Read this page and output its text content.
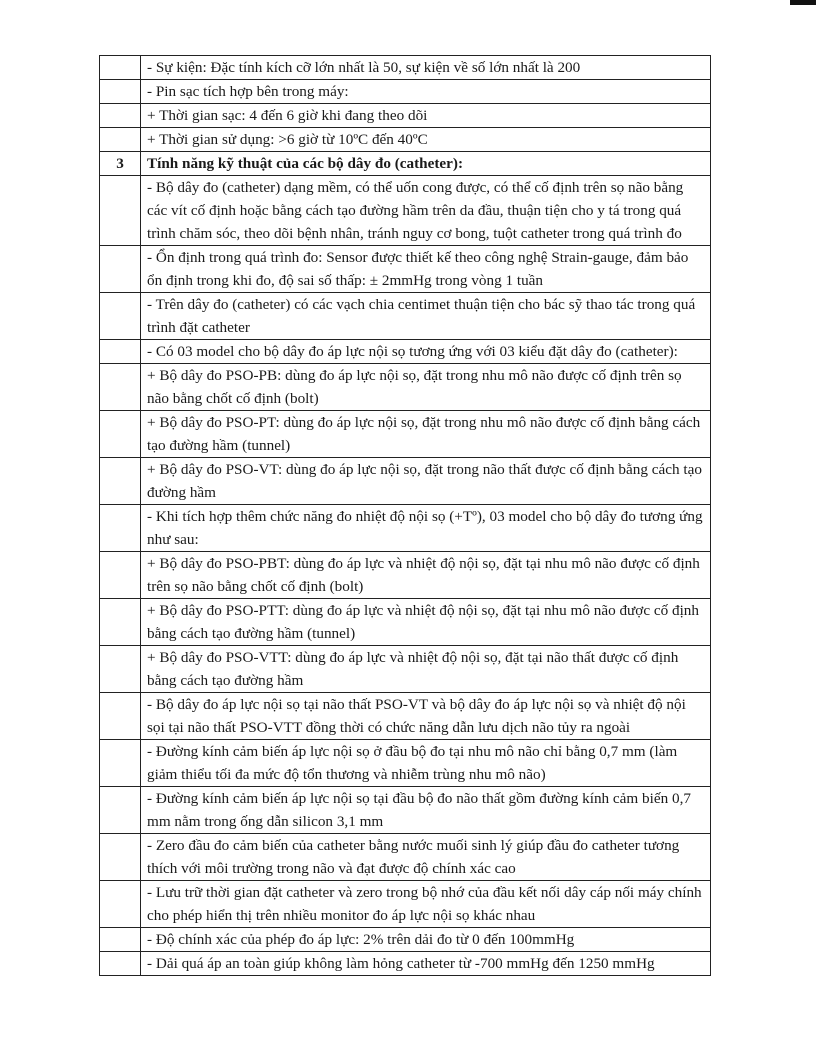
	- Sự kiện: Đặc tính kích cỡ lớn nhất là 50, sự kiện về số lớn nhất là 200
	- Pin sạc tích hợp bên trong máy:
	+ Thời gian sạc: 4 đến 6 giờ khi đang theo dõi
	+ Thời gian sử dụng: >6 giờ từ 10ºC đến 40ºC
3	Tính năng kỹ thuật của các bộ dây đo (catheter):
	- Bộ dây đo (catheter) dạng mềm, có thể uốn cong được, có thể cố định trên sọ não bằng các vít cố định hoặc bằng cách tạo đường hầm trên da đầu, thuận tiện cho y tá trong quá trình chăm sóc, theo dõi bệnh nhân, tránh nguy cơ bong, tuột catheter trong quá trình đo
	- Ổn định trong quá trình đo: Sensor được thiết kế theo công nghệ Strain-gauge, đảm bảo ổn định trong khi đo, độ sai số thấp: ± 2mmHg trong vòng 1 tuần
	- Trên dây đo (catheter) có các vạch chia centimet thuận tiện cho bác sỹ thao tác trong quá trình đặt catheter
	- Có 03 model cho bộ dây đo áp lực nội sọ tương ứng với 03 kiểu đặt dây đo (catheter):
	+ Bộ dây đo PSO-PB: dùng đo áp lực nội sọ, đặt trong nhu mô não được cố định trên sọ não bằng chốt cố định (bolt)
	+ Bộ dây đo PSO-PT: dùng đo áp lực nội sọ, đặt trong nhu mô não được cố định bằng cách tạo đường hầm (tunnel)
	+ Bộ dây đo PSO-VT: dùng đo áp lực nội sọ, đặt trong não thất được cố định bằng cách tạo đường hầm
	- Khi tích hợp thêm chức năng đo nhiệt độ nội sọ (+Tº), 03 model cho bộ dây đo tương ứng như sau:
	+ Bộ dây đo PSO-PBT: dùng đo áp lực và nhiệt độ nội sọ, đặt tại nhu mô não được cố định trên sọ não bằng chốt cố định (bolt)
	+ Bộ dây đo PSO-PTT: dùng đo áp lực và nhiệt độ nội sọ, đặt tại nhu mô não được cố định bằng cách tạo đường hầm (tunnel)
	+ Bộ dây đo PSO-VTT: dùng đo áp lực và nhiệt độ nội sọ, đặt tại não thất được cố định bằng cách tạo đường hầm
	- Bộ dây đo áp lực nội sọ tại não thất PSO-VT và bộ dây đo áp lực nội sọ và nhiệt độ nội sọi tại não thất PSO-VTT đồng thời có chức năng dẫn lưu dịch não tủy ra ngoài
	- Đường kính cảm biến áp lực nội sọ ở đầu bộ đo tại nhu mô não chỉ bằng 0,7 mm (làm giảm thiểu tối đa mức độ tổn thương và nhiễm trùng nhu mô não)
	- Đường kính cảm biến áp lực nội sọ tại đầu bộ đo não thất gồm đường kính cảm biến 0,7 mm nằm trong ống dẫn silicon 3,1 mm
	- Zero đầu đo cảm biến của catheter bằng nước muối sinh lý giúp đầu đo catheter tương thích với môi trường trong não và đạt được độ chính xác cao
	- Lưu trữ thời gian đặt catheter và zero trong bộ nhớ của đầu kết nối dây cáp nối máy chính cho phép hiển thị trên nhiều monitor đo áp lực nội sọ khác nhau
	- Độ chính xác của phép đo áp lực: 2% trên dải đo từ 0 đến 100mmHg
	- Dải quá áp an toàn giúp không làm hỏng catheter từ -700 mmHg đến 1250 mmHg
